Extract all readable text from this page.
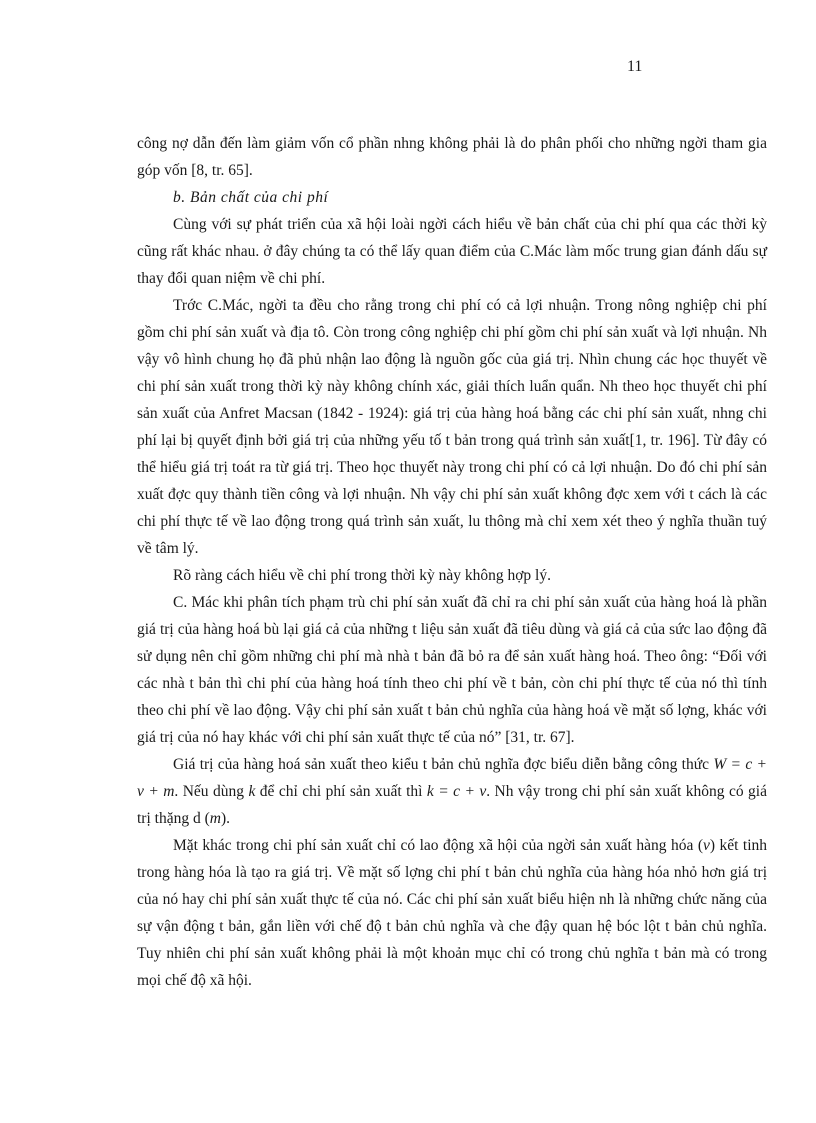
11

công nợ dẫn đến làm giảm vốn cổ phần nhng không phải là do phân phối cho những ngời tham gia góp vốn [8, tr. 65].

b. Bản chất của chi phí

Cùng với sự phát triển của xã hội loài ngời cách hiểu về bản chất của chi phí qua các thời kỳ cũng rất khác nhau. ở đây chúng ta có thể lấy quan điểm của C.Mác làm mốc trung gian đánh dấu sự thay đổi quan niệm về chi phí.

Trớc C.Mác, ngời ta đều cho rằng trong chi phí có cả lợi nhuận. Trong nông nghiệp chi phí gồm chi phí sản xuất và địa tô. Còn trong công nghiệp chi phí gồm chi phí sản xuất và lợi nhuận. Nh vậy vô hình chung họ đã phủ nhận lao động là nguồn gốc của giá trị. Nhìn chung các học thuyết về chi phí sản xuất trong thời kỳ này không chính xác, giải thích luẩn quẩn. Nh theo học thuyết chi phí sản xuất của Anfret Macsan (1842 - 1924): giá trị của hàng hoá bằng các chi phí sản xuất, nhng chi phí lại bị quyết định bởi giá trị của những yếu tố t bản trong quá trình sản xuất[1, tr. 196]. Từ đây có thể hiểu giá trị toát ra từ giá trị. Theo học thuyết này trong chi phí có cả lợi nhuận. Do đó chi phí sản xuất đợc quy thành tiền công và lợi nhuận. Nh vậy chi phí sản xuất không đợc xem với t cách là các chi phí thực tế về lao động trong quá trình sản xuất, lu thông mà chỉ xem xét theo ý nghĩa thuần tuý về tâm lý.

Rõ ràng cách hiểu về chi phí trong thời kỳ này không hợp lý.

C. Mác khi phân tích phạm trù chi phí sản xuất đã chỉ ra chi phí sản xuất của hàng hoá là phần giá trị của hàng hoá bù lại giá cả của những t liệu sản xuất đã tiêu dùng và giá cả của sức lao động đã sử dụng nên chỉ gồm những chi phí mà nhà t bản đã bỏ ra để sản xuất hàng hoá. Theo ông: “Đối với các nhà t bản thì chi phí của hàng hoá tính theo chi phí về t bản, còn chi phí thực tế của nó thì tính theo chi phí về lao động. Vậy chi phí sản xuất t bản chủ nghĩa của hàng hoá về mặt số lợng, khác với giá trị của nó hay khác với chi phí sản xuất thực tế của nó” [31, tr. 67].

Giá trị của hàng hoá sản xuất theo kiểu t bản chủ nghĩa đợc biểu diễn bằng công thức W = c + v + m. Nếu dùng k để chỉ chi phí sản xuất thì k = c + v. Nh vậy trong chi phí sản xuất không có giá trị thặng d (m).

Mặt khác trong chi phí sản xuất chỉ có lao động xã hội của ngời sản xuất hàng hóa (v) kết tinh trong hàng hóa là tạo ra giá trị. Về mặt số lợng chi phí t bản chủ nghĩa của hàng hóa nhỏ hơn giá trị của nó hay chi phí sản xuất thực tế của nó. Các chi phí sản xuất biểu hiện nh là những chức năng của sự vận động t bản, gắn liền với chế độ t bản chủ nghĩa và che đậy quan hệ bóc lột t bản chủ nghĩa. Tuy nhiên chi phí sản xuất không phải là một khoản mục chỉ có trong chủ nghĩa t bản mà có trong mọi chế độ xã hội.
